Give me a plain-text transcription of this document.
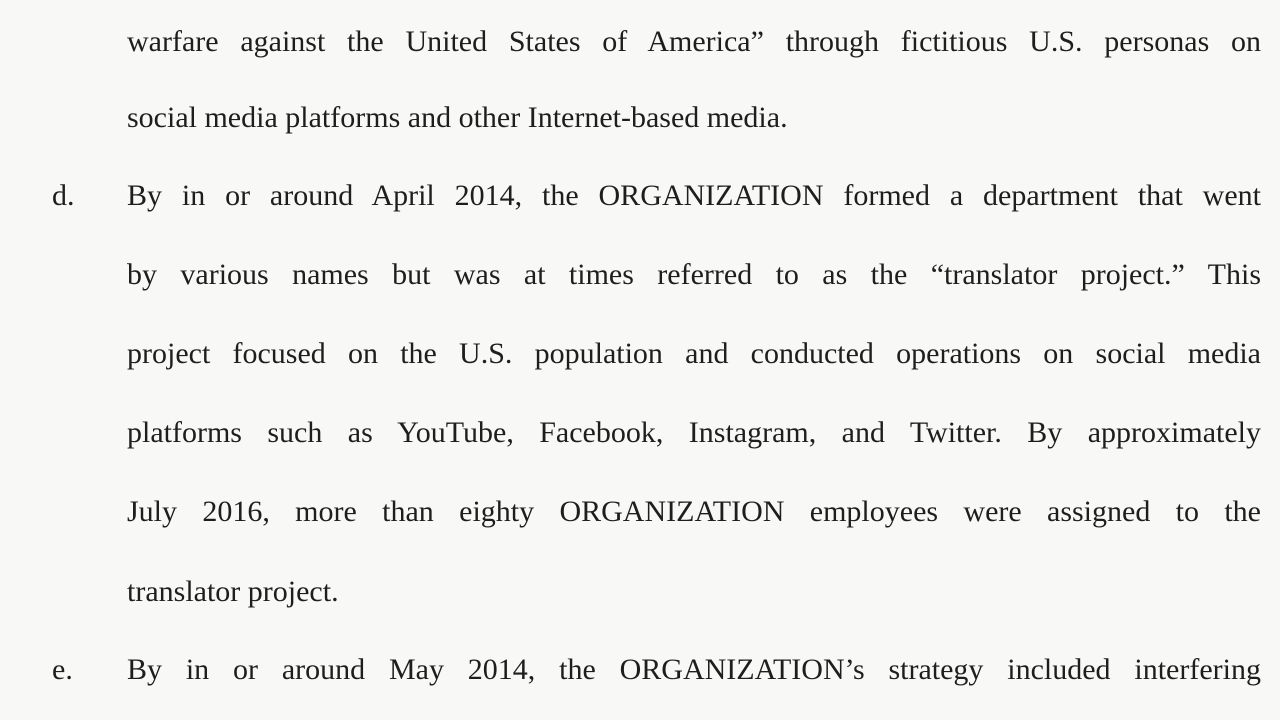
warfare against the United States of America” through fictitious U.S. personas on
social media platforms and other Internet-based media.
d. By in or around April 2014, the ORGANIZATION formed a department that went
by various names but was at times referred to as the “translator project.” This
project focused on the U.S. population and conducted operations on social media
platforms such as YouTube, Facebook, Instagram, and Twitter. By approximately
July 2016, more than eighty ORGANIZATION employees were assigned to the
translator project.
e. By in or around May 2014, the ORGANIZATION’s strategy included interfering
